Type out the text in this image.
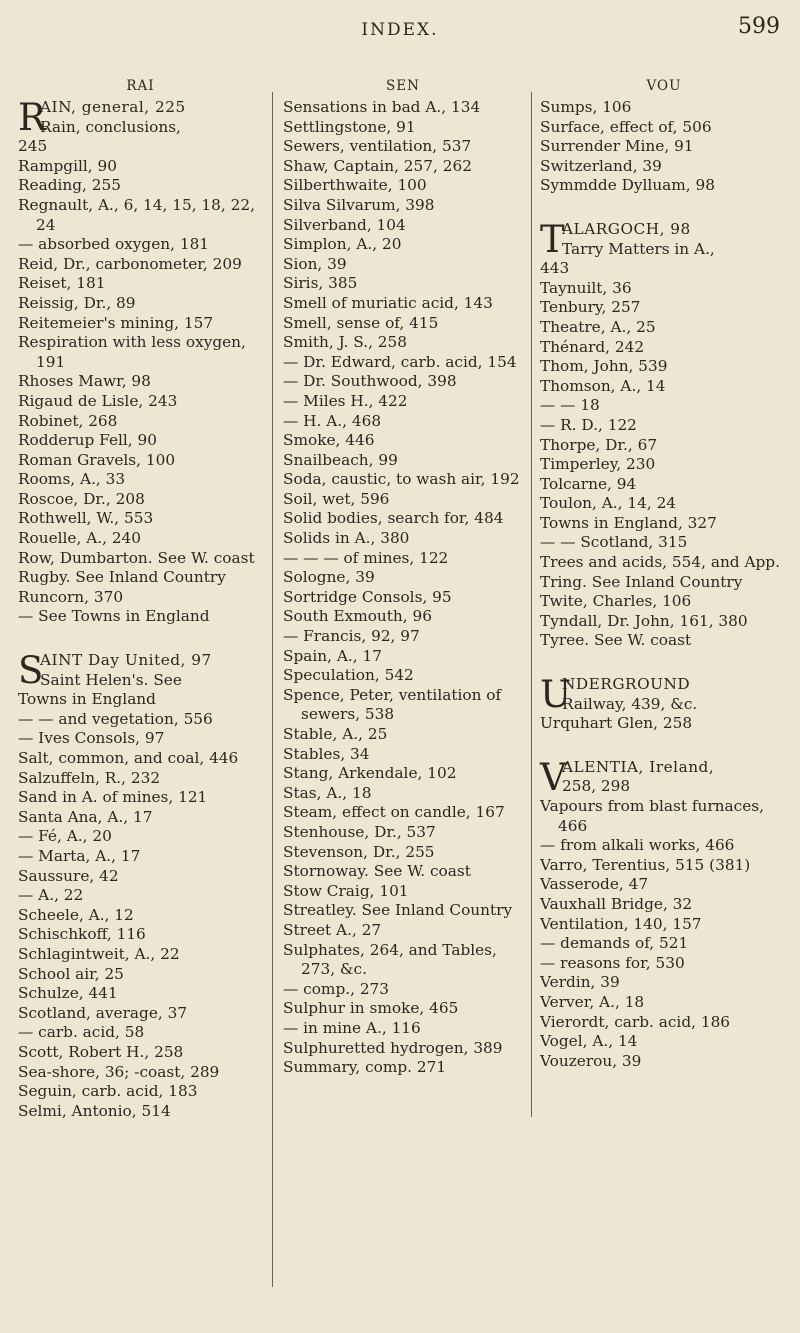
INDEX.	599
RAI
R
AIN, general, 225
Rain, conclusions,
245
Rampgill, 90
Reading, 255
Regnault, A., 6, 14, 15, 18, 22, 24
— absorbed oxygen, 181
Reid, Dr., carbonometer, 209
Reiset, 181
Reissig, Dr., 89
Reitemeier's mining, 157
Respiration with less oxygen, 191
Rhoses Mawr, 98
Rigaud de Lisle, 243
Robinet, 268
Rodderup Fell, 90
Roman Gravels, 100
Rooms, A., 33
Roscoe, Dr., 208
Rothwell, W., 553
Rouelle, A., 240
Row, Dumbarton. See W. coast
Rugby. See Inland Country
Runcorn, 370
— See Towns in England
S
AINT Day United, 97
Saint Helen's. See
Towns in England
— — and vegetation, 556
— Ives Consols, 97
Salt, common, and coal, 446
Salzuffeln, R., 232
Sand in A. of mines, 121
Santa Ana, A., 17
— Fé, A., 20
— Marta, A., 17
Saussure, 42
— A., 22
Scheele, A., 12
Schischkoff, 116
Schlagintweit, A., 22
School air, 25
Schulze, 441
Scotland, average, 37
— carb. acid, 58
Scott, Robert H., 258
Sea-shore, 36; -coast, 289
Seguin, carb. acid, 183
Selmi, Antonio, 514
SEN
Sensations in bad A., 134
Settlingstone, 91
Sewers, ventilation, 537
Shaw, Captain, 257, 262
Silberthwaite, 100
Silva Silvarum, 398
Silverband, 104
Simplon, A., 20
Sion, 39
Siris, 385
Smell of muriatic acid, 143
Smell, sense of, 415
Smith, J. S., 258
— Dr. Edward, carb. acid, 154
— Dr. Southwood, 398
— Miles H., 422
— H. A., 468
Smoke, 446
Snailbeach, 99
Soda, caustic, to wash air, 192
Soil, wet, 596
Solid bodies, search for, 484
Solids in A., 380
— — — of mines, 122
Sologne, 39
Sortridge Consols, 95
South Exmouth, 96
— Francis, 92, 97
Spain, A., 17
Speculation, 542
Spence, Peter, ventilation of sewers, 538
Stable, A., 25
Stables, 34
Stang, Arkendale, 102
Stas, A., 18
Steam, effect on candle, 167
Stenhouse, Dr., 537
Stevenson, Dr., 255
Stornoway. See W. coast
Stow Craig, 101
Streatley. See Inland Country
Street A., 27
Sulphates, 264, and Tables, 273, &c.
— comp., 273
Sulphur in smoke, 465
— in mine A., 116
Sulphuretted hydrogen, 389
Summary, comp. 271
VOU
Sumps, 106
Surface, effect of, 506
Surrender Mine, 91
Switzerland, 39
Symmdde Dylluam, 98
T
ALARGOCH, 98
Tarry Matters in A.,
443
Taynuilt, 36
Tenbury, 257
Theatre, A., 25
Thénard, 242
Thom, John, 539
Thomson, A., 14
— — 18
— R. D., 122
Thorpe, Dr., 67
Timperley, 230
Tolcarne, 94
Toulon, A., 14, 24
Towns in England, 327
— — Scotland, 315
Trees and acids, 554, and App.
Tring. See Inland Country
Twite, Charles, 106
Tyndall, Dr. John, 161, 380
Tyree. See W. coast
U
NDERGROUND
Railway, 439, &c.
Urquhart Glen, 258
V
ALENTIA, Ireland,
258, 298
Vapours from blast furnaces, 466
— from alkali works, 466
Varro, Terentius, 515 (381)
Vasserode, 47
Vauxhall Bridge, 32
Ventilation, 140, 157
— demands of, 521
— reasons for, 530
Verdin, 39
Verver, A., 18
Vierordt, carb. acid, 186
Vogel, A., 14
Vouzerou, 39
